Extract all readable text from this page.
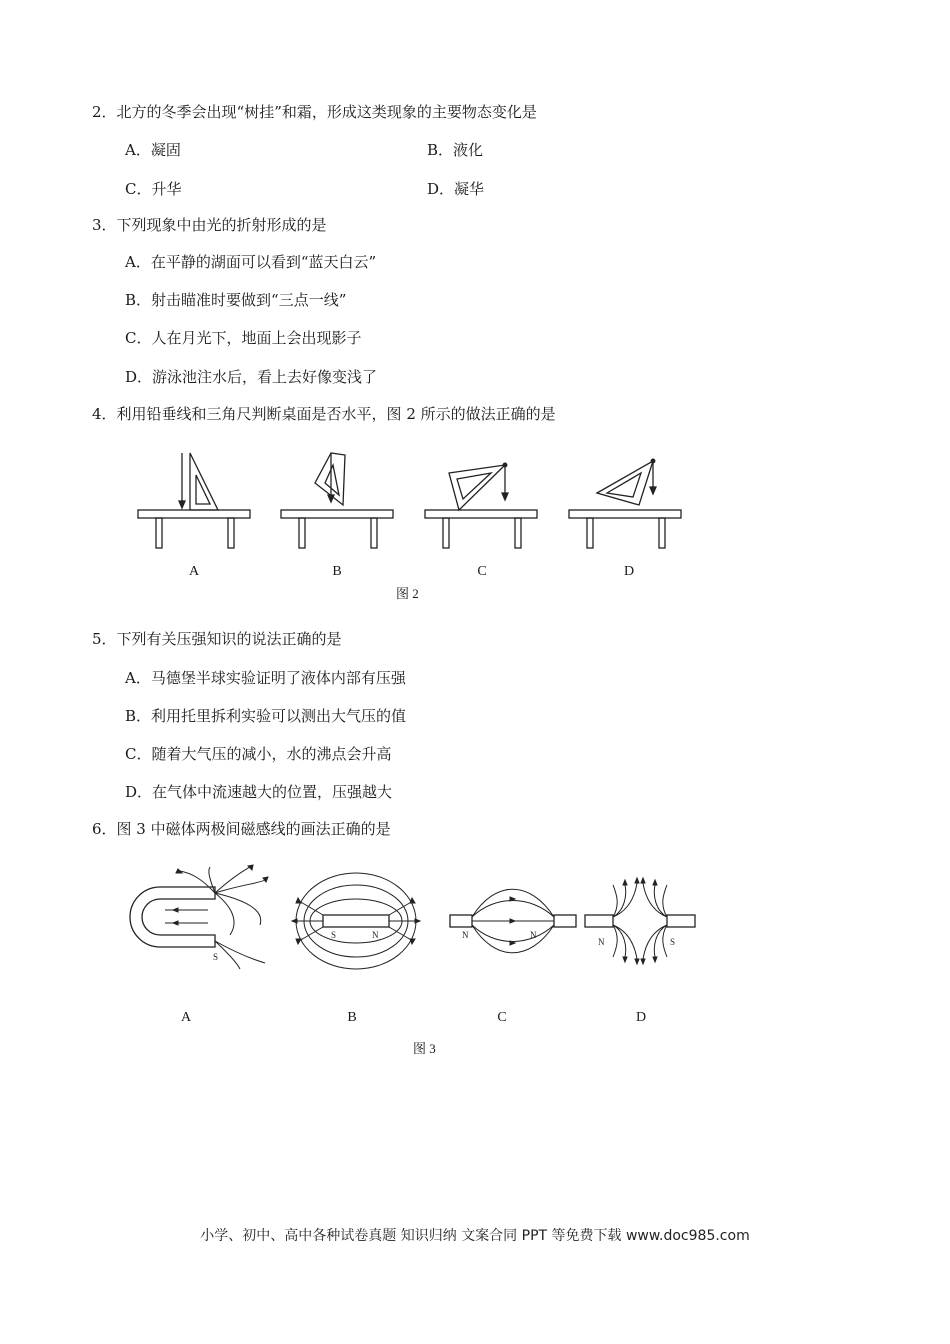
2．北方的冬季会出现“树挂”和霜，形成这类现象的主要物态变化是
A．凝固	B．液化
C．升华	D．凝华
3．下列现象中由光的折射形成的是
A．在平静的湖面可以看到“蓝天白云”
B．射击瞄准时要做到“三点一线”
C．人在月光下，地面上会出现影子
D．游泳池注水后，看上去好像变浅了
4．利用铅垂线和三角尺判断桌面是否水平，图 2 所示的做法正确的是
A	B	C	D
图 2
5．下列有关压强知识的说法正确的是
A．马德堡半球实验证明了液体内部有压强
B．利用托里拆利实验可以测出大气压的值
C．随着大气压的减小，水的沸点会升高
D．在气体中流速越大的位置，压强越大
6．图 3 中磁体两极间磁感线的画法正确的是
S
S	N	N	N
N	S
A	B	C	D
图 3
小学、初中、高中各种试卷真题 知识归纳 文案合同 PPT 等免费下载 www.doc985.com
